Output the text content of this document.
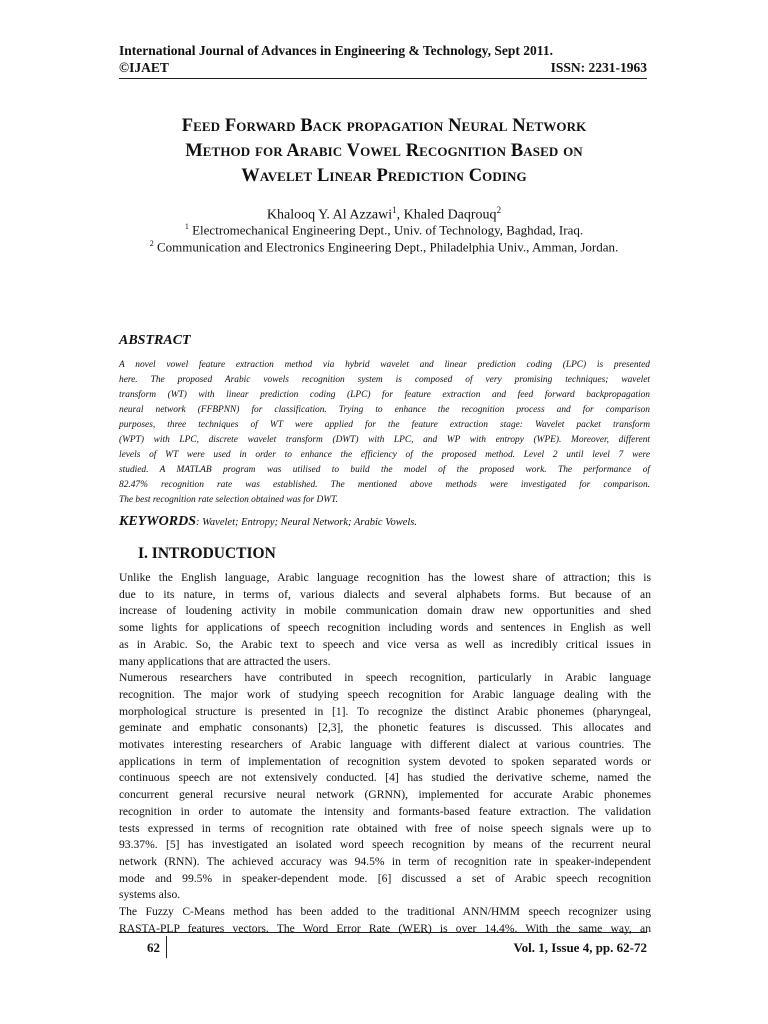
International Journal of Advances in Engineering & Technology, Sept 2011.
©IJAET	ISSN: 2231-1963
Feed Forward Back propagation Neural Network
Method for Arabic Vowel Recognition Based on
Wavelet Linear Prediction Coding
Khalooq Y. Al Azzawi$^1$, Khaled Daqrouq$^2$
$^1$ Electromechanical Engineering Dept., Univ. of Technology, Baghdad, Iraq.
$^2$ Communication and Electronics Engineering Dept., Philadelphia Univ., Amman, Jordan.
ABSTRACT

A novel vowel feature extraction method via hybrid wavelet and linear prediction coding (LPC) is presented

here. The proposed Arabic vowels recognition system is composed of very promising techniques; wavelet

transform (WT) with linear prediction coding (LPC) for feature extraction and feed forward backpropagation

neural network (FFBPNN) for classification. Trying to enhance the recognition process and for comparison

purposes, three techniques of WT were applied for the feature extraction stage: Wavelet packet transform

(WPT) with LPC, discrete wavelet transform (DWT) with LPC, and WP with entropy (WPE). Moreover, different

levels of WT were used in order to enhance the efficiency of the proposed method. Level 2 until level 7 were

studied. A MATLAB program was utilised to build the model of the proposed work. The performance of

82.47% recognition rate was established. The mentioned above methods were investigated for comparison.

The best recognition rate selection obtained was for DWT.

KEYWORDS: Wavelet; Entropy; Neural Network; Arabic Vowels.
I. INTRODUCTION

Unlike the English language, Arabic language recognition has the lowest share of attraction; this is

due to its nature, in terms of, various dialects and several alphabets forms. But because of an

increase of loudening activity in mobile communication domain draw new opportunities and shed

some lights for applications of speech recognition including words and sentences in English as well

as in Arabic. So, the Arabic text to speech and vice versa as well as incredibly critical issues in

many applications that are attracted the users.

Numerous researchers have contributed in speech recognition, particularly in Arabic language

recognition. The major work of studying speech recognition for Arabic language dealing with the

morphological structure is presented in [1]. To recognize the distinct Arabic phonemes (pharyngeal,

geminate and emphatic consonants) [2,3], the phonetic features is discussed. This allocates and

motivates interesting researchers of Arabic language with different dialect at various countries. The

applications in term of implementation of recognition system devoted to spoken separated words or

continuous speech are not extensively conducted. [4] has studied the derivative scheme, named the

concurrent general recursive neural network (GRNN), implemented for accurate Arabic phonemes

recognition in order to automate the intensity and formants-based feature extraction. The validation

tests expressed in terms of recognition rate obtained with free of noise speech signals were up to

93.37%. [5] has investigated an isolated word speech recognition by means of the recurrent neural

network (RNN). The achieved accuracy was 94.5% in term of recognition rate in speaker-independent

mode and 99.5% in speaker-dependent mode. [6] discussed a set of Arabic speech recognition

systems also.

The Fuzzy C-Means method has been added to the traditional ANN/HMM speech recognizer using

RASTA-PLP features vectors. The Word Error Rate (WER) is over 14.4%. With the same way, an

62	Vol. 1, Issue 4, pp. 62-72
